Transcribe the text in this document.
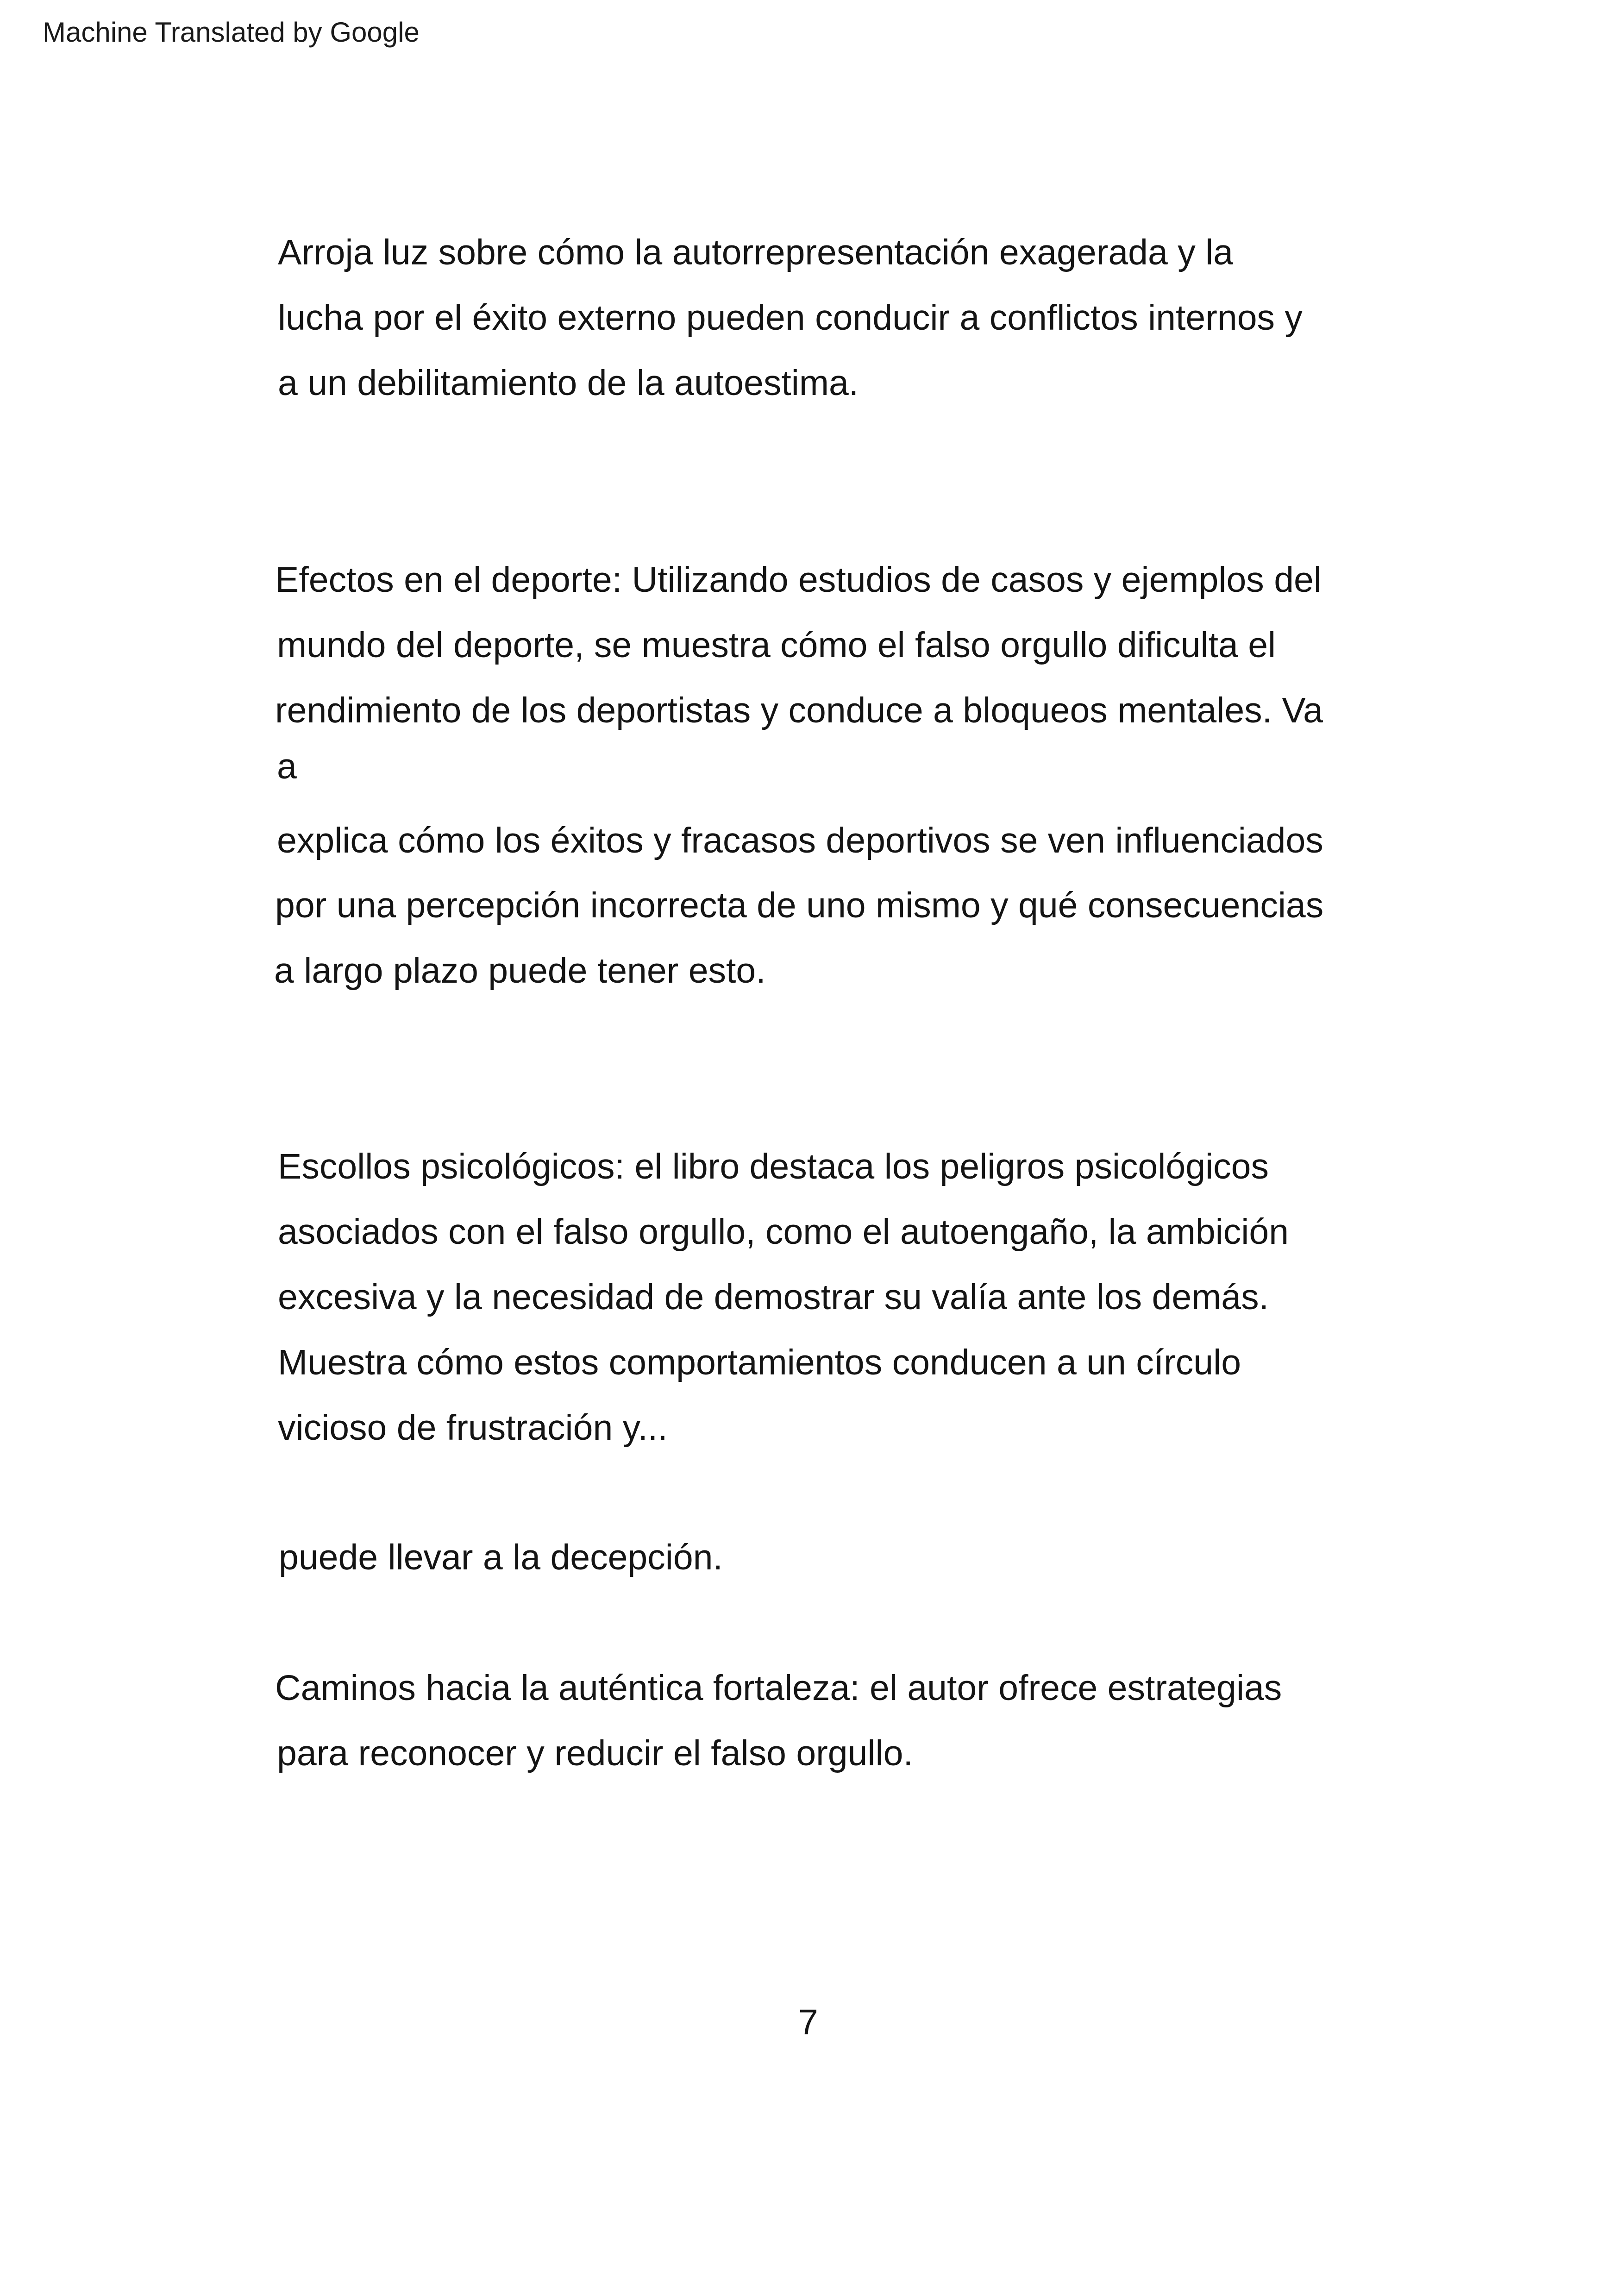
Machine Translated by Google
Arroja luz sobre cómo la autorrepresentación exagerada y la
lucha por el éxito externo pueden conducir a conflictos internos y
a un debilitamiento de la autoestima.
Efectos en el deporte: Utilizando estudios de casos y ejemplos del
mundo del deporte, se muestra cómo el falso orgullo dificulta el
rendimiento de los deportistas y conduce a bloqueos mentales. Va
a
explica cómo los éxitos y fracasos deportivos se ven influenciados
por una percepción incorrecta de uno mismo y qué consecuencias
a largo plazo puede tener esto.
Escollos psicológicos: el libro destaca los peligros psicológicos
asociados con el falso orgullo, como el autoengaño, la ambición
excesiva y la necesidad de demostrar su valía ante los demás.
Muestra cómo estos comportamientos conducen a un círculo
vicioso de frustración y...
puede llevar a la decepción.
Caminos hacia la auténtica fortaleza: el autor ofrece estrategias
para reconocer y reducir el falso orgullo.
7
